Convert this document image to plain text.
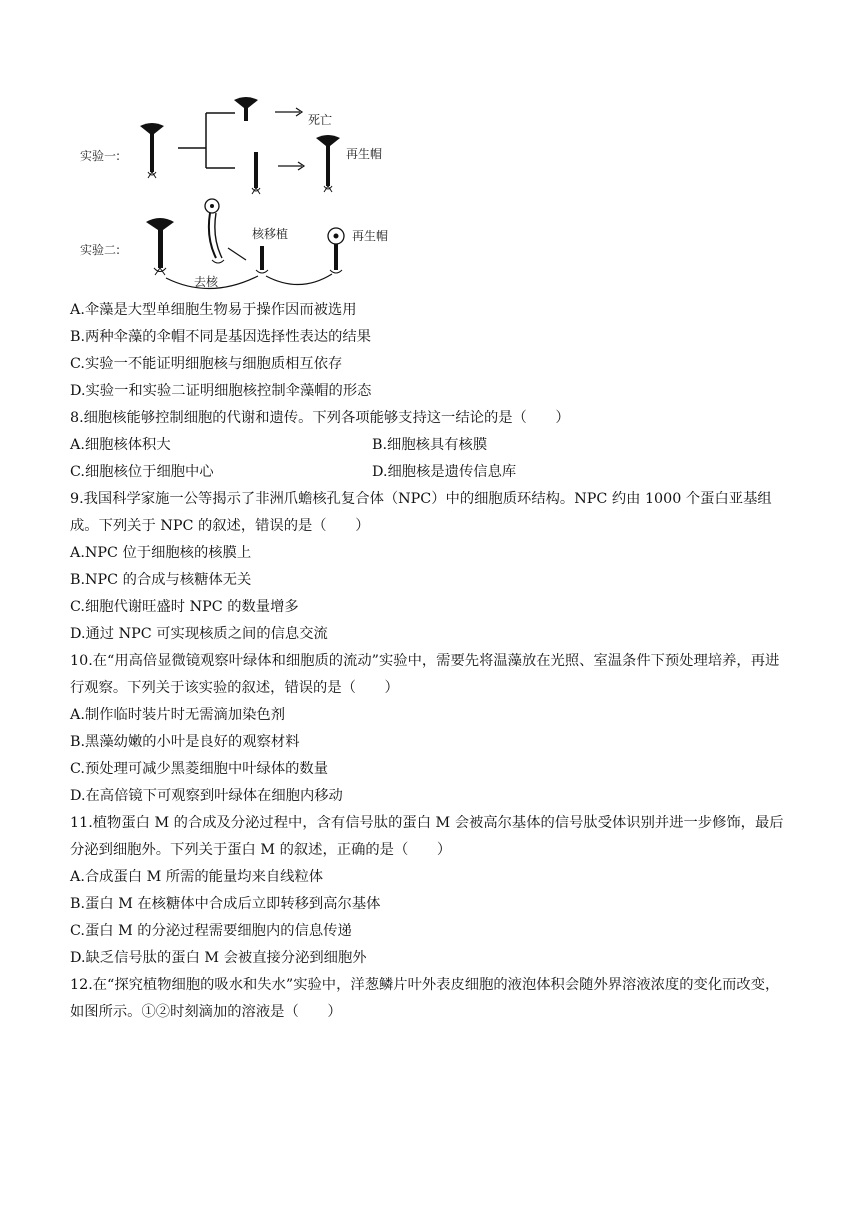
实验一:
死亡
再生帽
实验二:
核移植	再生帽
去核
A.伞藻是大型单细胞生物易于操作因而被选用
B.两种伞藻的伞帽不同是基因选择性表达的结果
C.实验一不能证明细胞核与细胞质相互依存
D.实验一和实验二证明细胞核控制伞藻帽的形态
8.细胞核能够控制细胞的代谢和遗传。下列各项能够支持这一结论的是（　　）
A.细胞核体积大	B.细胞核具有核膜
C.细胞核位于细胞中心	D.细胞核是遗传信息库
9.我国科学家施一公等揭示了非洲爪蟾核孔复合体（NPC）中的细胞质环结构。NPC 约由 1000 个蛋白亚基组成。下列关于 NPC 的叙述，错误的是（　　）
A.NPC 位于细胞核的核膜上
B.NPC 的合成与核糖体无关
C.细胞代谢旺盛时 NPC 的数量增多
D.通过 NPC 可实现核质之间的信息交流
10.在“用高倍显微镜观察叶绿体和细胞质的流动”实验中，需要先将温藻放在光照、室温条件下预处理培养，再进行观察。下列关于该实验的叙述，错误的是（　　）
A.制作临时装片时无需滴加染色剂
B.黑藻幼嫩的小叶是良好的观察材料
C.预处理可减少黑菱细胞中叶绿体的数量
D.在高倍镜下可观察到叶绿体在细胞内移动
11.植物蛋白 M 的合成及分泌过程中，含有信号肽的蛋白 M 会被高尔基体的信号肽受体识别并进一步修饰，最后分泌到细胞外。下列关于蛋白 M 的叙述，正确的是（　　）
A.合成蛋白 M 所需的能量均来自线粒体
B.蛋白 M 在核糖体中合成后立即转移到高尔基体
C.蛋白 M 的分泌过程需要细胞内的信息传递
D.缺乏信号肽的蛋白 M 会被直接分泌到细胞外
12.在“探究植物细胞的吸水和失水”实验中，洋葱鳞片叶外表皮细胞的液泡体积会随外界溶液浓度的变化而改变，如图所示。①②时刻滴加的溶液是（　　）
